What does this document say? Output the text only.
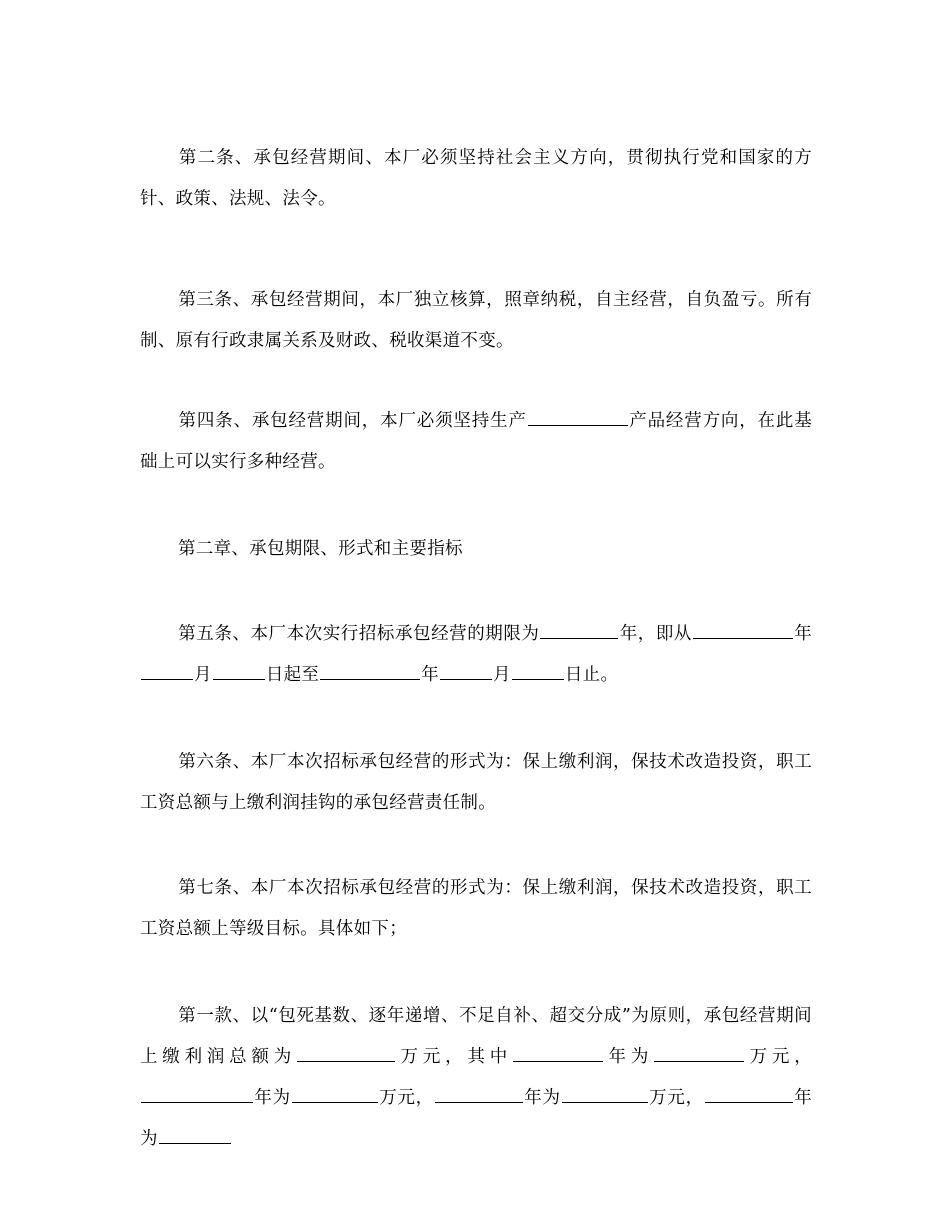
第二条、承包经营期间、本厂必须坚持社会主义方向，贯彻执行党和国家的方针、政策、法规、法令。

第三条、承包经营期间，本厂独立核算，照章纳税，自主经营，自负盈亏。所有制、原有行政隶属关系及财政、税收渠道不变。

第四条、承包经营期间，本厂必须坚持生产	产品经营方向，在此基础上可以实行多种经营。

第二章、承包期限、形式和主要指标

第五条、本厂本次实行招标承包经营的期限为	年，即从	年月	日起至	年	月	日止。

第六条、本厂本次招标承包经营的形式为：保上缴利润，保技术改造投资，职工工资总额与上缴利润挂钩的承包经营责任制。

第七条、本厂本次招标承包经营的形式为：保上缴利润，保技术改造投资，职工工资总额上等级目标。具体如下；

第一款、以“包死基数、逐年递增、不足自补、超交分成”为原则，承包经营期间上缴利润总额为	万元，其中	年为	万元，年为	万元，	年为	万元，	年为
